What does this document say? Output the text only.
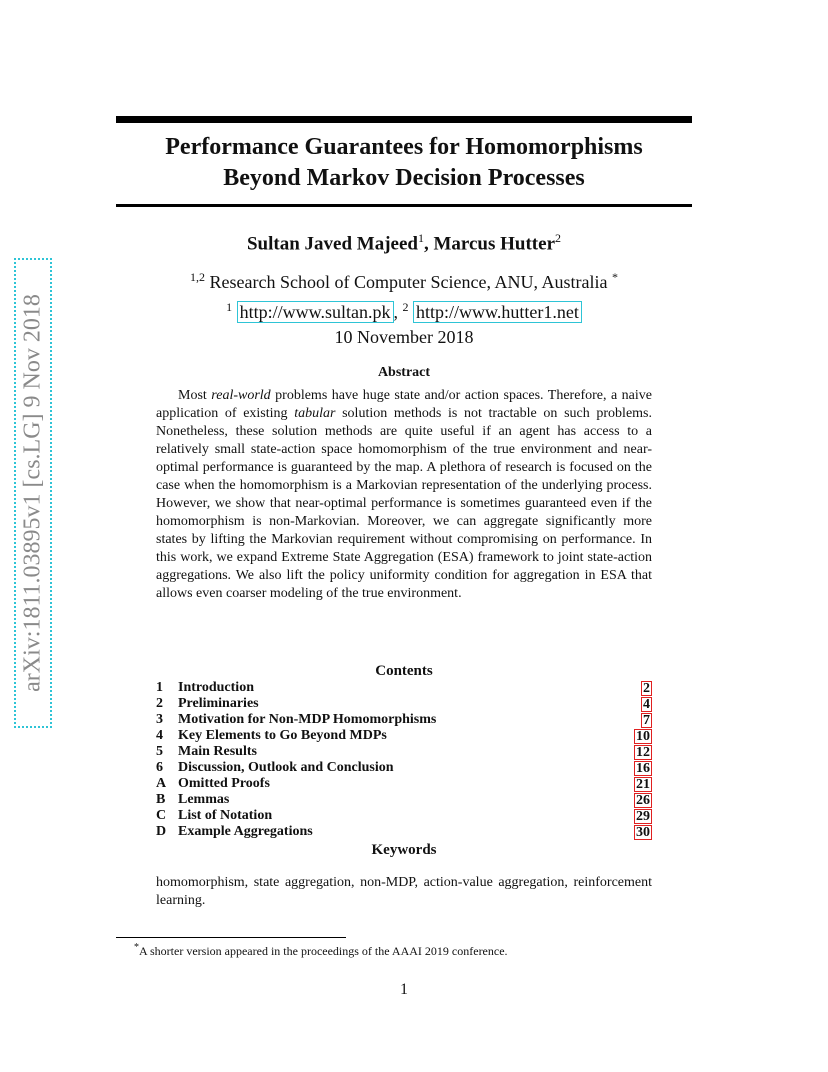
arXiv:1811.03895v1 [cs.LG] 9 Nov 2018
Performance Guarantees for Homomorphisms
Beyond Markov Decision Processes
Sultan Javed Majeed$^1$, Marcus Hutter$^2$
$^{1,2}$ Research School of Computer Science, ANU, Australia *
$^1$ http://www.sultan.pk , $^2$ http://www.hutter1.net
10 November 2018
Abstract
Most real-world problems have huge state and/or action spaces. Therefore, a naive application of existing tabular solution methods is not tractable on such problems. Nonetheless, these solution methods are quite useful if an agent has access to a relatively small state-action space homomorphism of the true environment and near-optimal performance is guaranteed by the map. A plethora of research is focused on the case when the homomorphism is a Markovian representation of the underlying process. However, we show that near-optimal performance is sometimes guaranteed even if the homomorphism is non-Markovian. Moreover, we can aggregate significantly more states by lifting the Markovian requirement without compromising on performance. In this work, we expand Extreme State Aggregation (ESA) framework to joint state-action aggregations. We also lift the policy uniformity condition for aggregation in ESA that allows even coarser modeling of the true environment.
Contents
1	Introduction	2
2	Preliminaries	4
3	Motivation for Non-MDP Homomorphisms	7
4	Key Elements to Go Beyond MDPs	10
5	Main Results	12
6	Discussion, Outlook and Conclusion	16
A Omitted Proofs	21
B Lemmas	26
C List of Notation	29
D Example Aggregations	30
Keywords
homomorphism, state aggregation, non-MDP, action-value aggregation, reinforcement learning.
*A shorter version appeared in the proceedings of the AAAI 2019 conference.
1
